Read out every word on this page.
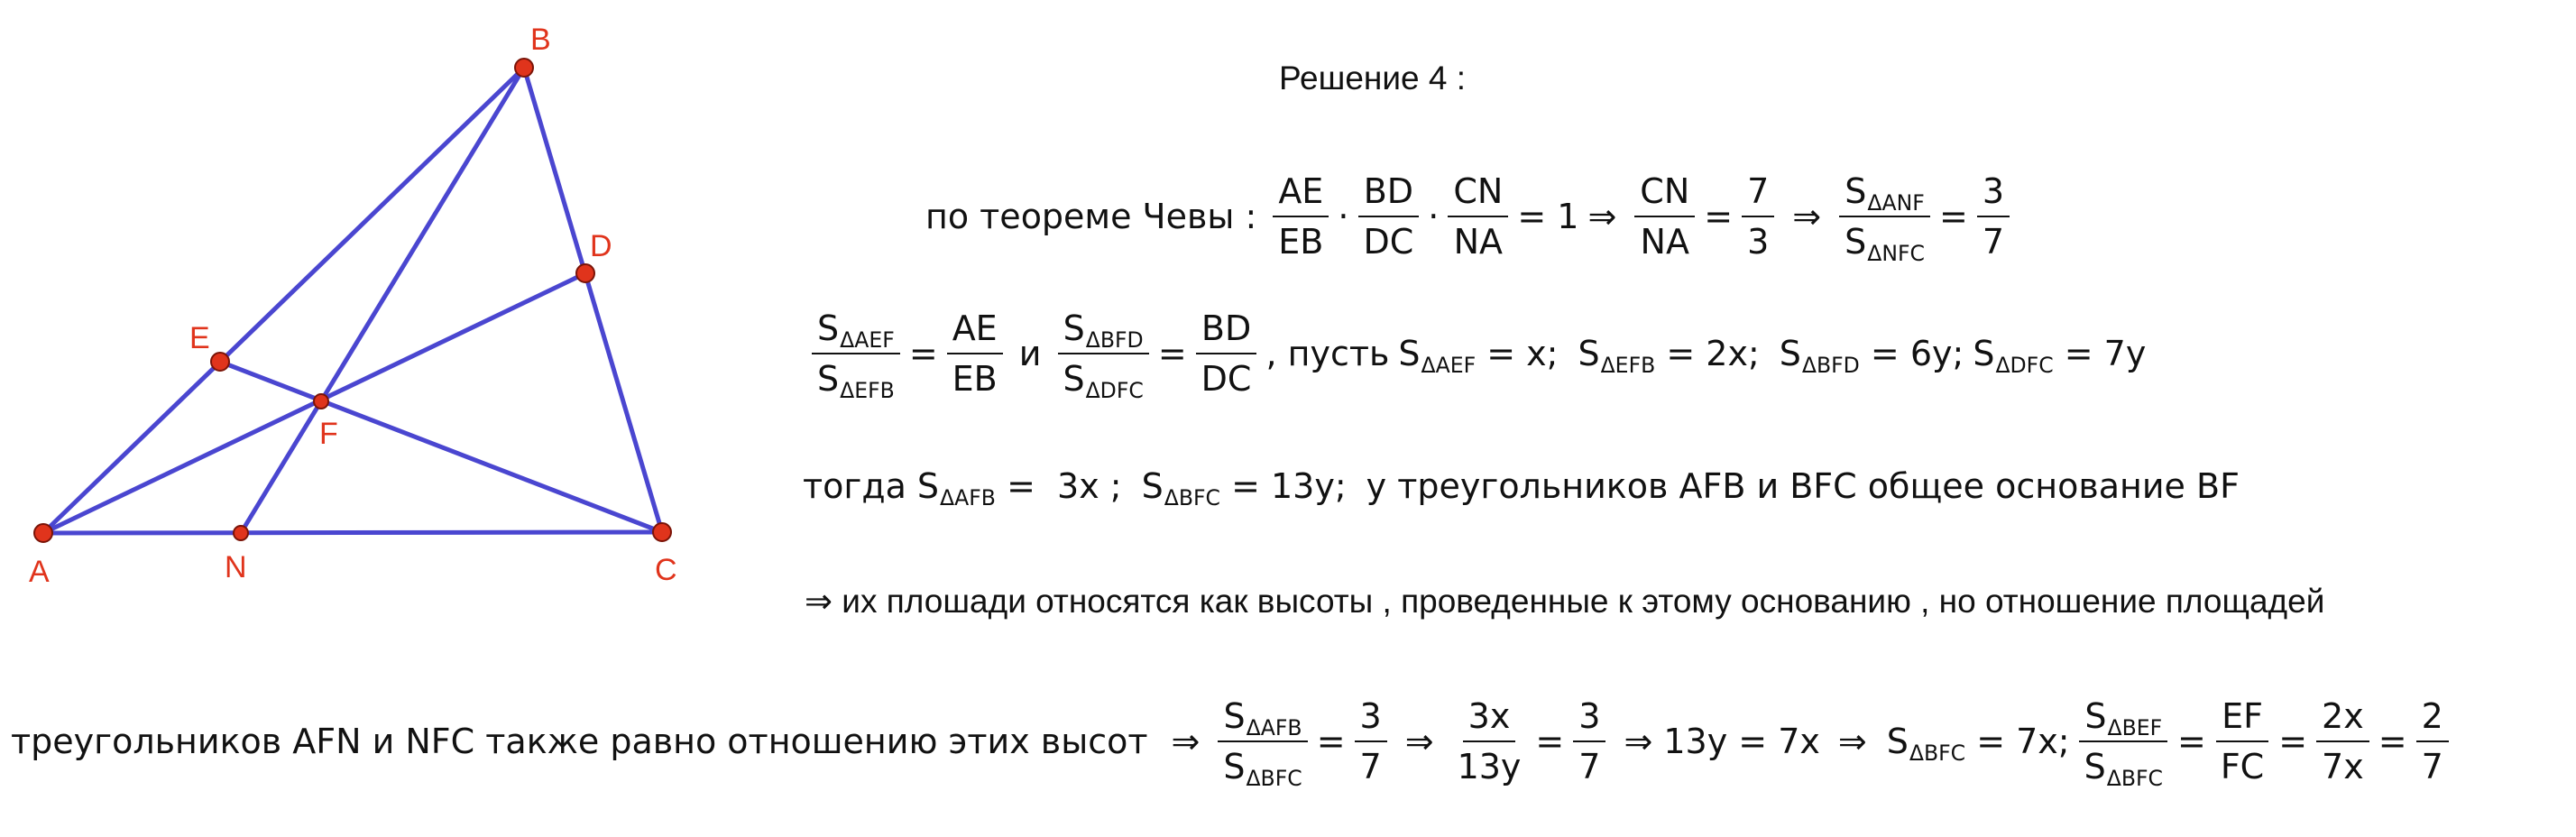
A
B
C
D
E
F
N
Решение 4 :
по теореме Чевы : $\frac{AE}{EB} \cdot \frac{BD}{DC} \cdot \frac{CN}{NA} = 1$ ⇒ $\frac{CN}{NA} = \frac{7}{3}$ ⇒ $\frac{S_{\Delta ANF}}{S_{\Delta NFC}} = \frac{3}{7}$
$\frac{S_{\Delta AEF}}{S_{\Delta EFB}} = \frac{AE}{EB}$ и $\frac{S_{\Delta BFD}}{S_{\Delta DFC}} = \frac{BD}{DC}$ , пусть $S_{\Delta AEF} = x$; $S_{\Delta EFB} = 2x$; $S_{\Delta BFD} = 6y$; $S_{\Delta DFC} = 7y$
тогда $S_{\Delta AFB} = 3x$ ; $S_{\Delta BFC} = 13y$; у треугольников AFB и BFC общее основание BF
⇒ их плошади относятся как высоты , проведенные к этому основанию , но отношение площадей
треугольников AFN и NFC также равно отношению этих высот ⇒ $\frac{S_{\Delta AFB}}{S_{\Delta BFC}} = \frac{3}{7}$ ⇒ $\frac{3x}{13y} = \frac{3}{7}$ ⇒ 13y = 7x ⇒ $S_{\Delta BFC} = 7x$; $\frac{S_{\Delta BEF}}{S_{\Delta BFC}} = \frac{EF}{FC} = \frac{2x}{7x} = \frac{2}{7}$
